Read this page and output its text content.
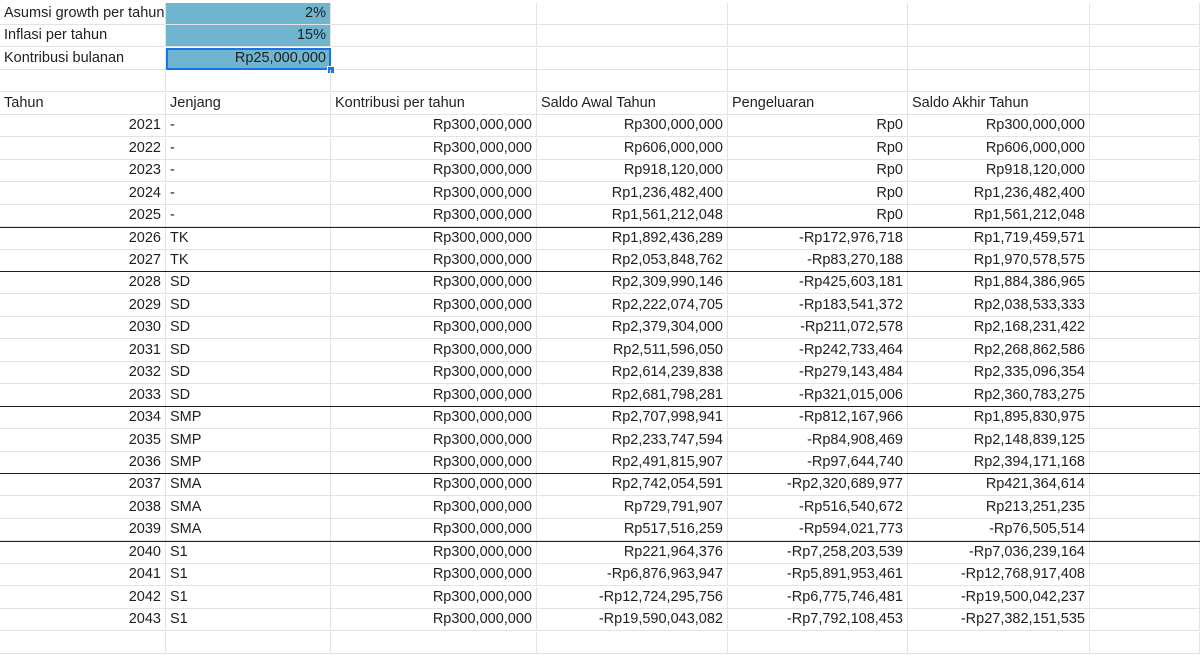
Asumsi growth per tahun	2%
Inflasi per tahun	15%
Kontribusi bulanan	Rp25,000,000
Tahun	Jenjang	Kontribusi per tahun	Saldo Awal Tahun	Pengeluaran	Saldo Akhir Tahun
2021 -	Rp300,000,000	Rp300,000,000	Rp0	Rp300,000,000
2022 -	Rp300,000,000	Rp606,000,000	Rp0	Rp606,000,000
2023 -	Rp300,000,000	Rp918,120,000	Rp0	Rp918,120,000
2024 -	Rp300,000,000	Rp1,236,482,400	Rp0	Rp1,236,482,400
2025 -	Rp300,000,000	Rp1,561,212,048	Rp0	Rp1,561,212,048
2026 TK	Rp300,000,000	Rp1,892,436,289	-Rp172,976,718	Rp1,719,459,571
2027 TK	Rp300,000,000	Rp2,053,848,762	-Rp83,270,188	Rp1,970,578,575
2028 SD	Rp300,000,000	Rp2,309,990,146	-Rp425,603,181	Rp1,884,386,965
2029 SD	Rp300,000,000	Rp2,222,074,705	-Rp183,541,372	Rp2,038,533,333
2030 SD	Rp300,000,000	Rp2,379,304,000	-Rp211,072,578	Rp2,168,231,422
2031 SD	Rp300,000,000	Rp2,511,596,050	-Rp242,733,464	Rp2,268,862,586
2032 SD	Rp300,000,000	Rp2,614,239,838	-Rp279,143,484	Rp2,335,096,354
2033 SD	Rp300,000,000	Rp2,681,798,281	-Rp321,015,006	Rp2,360,783,275
2034 SMP	Rp300,000,000	Rp2,707,998,941	-Rp812,167,966	Rp1,895,830,975
2035 SMP	Rp300,000,000	Rp2,233,747,594	-Rp84,908,469	Rp2,148,839,125
2036 SMP	Rp300,000,000	Rp2,491,815,907	-Rp97,644,740	Rp2,394,171,168
2037 SMA	Rp300,000,000	Rp2,742,054,591	-Rp2,320,689,977	Rp421,364,614
2038 SMA	Rp300,000,000	Rp729,791,907	-Rp516,540,672	Rp213,251,235
2039 SMA	Rp300,000,000	Rp517,516,259	-Rp594,021,773	-Rp76,505,514
2040 S1	Rp300,000,000	Rp221,964,376	-Rp7,258,203,539	-Rp7,036,239,164
2041 S1	Rp300,000,000	-Rp6,876,963,947	-Rp5,891,953,461	-Rp12,768,917,408
2042 S1	Rp300,000,000	-Rp12,724,295,756	-Rp6,775,746,481	-Rp19,500,042,237
2043 S1	Rp300,000,000	-Rp19,590,043,082	-Rp7,792,108,453	-Rp27,382,151,535
